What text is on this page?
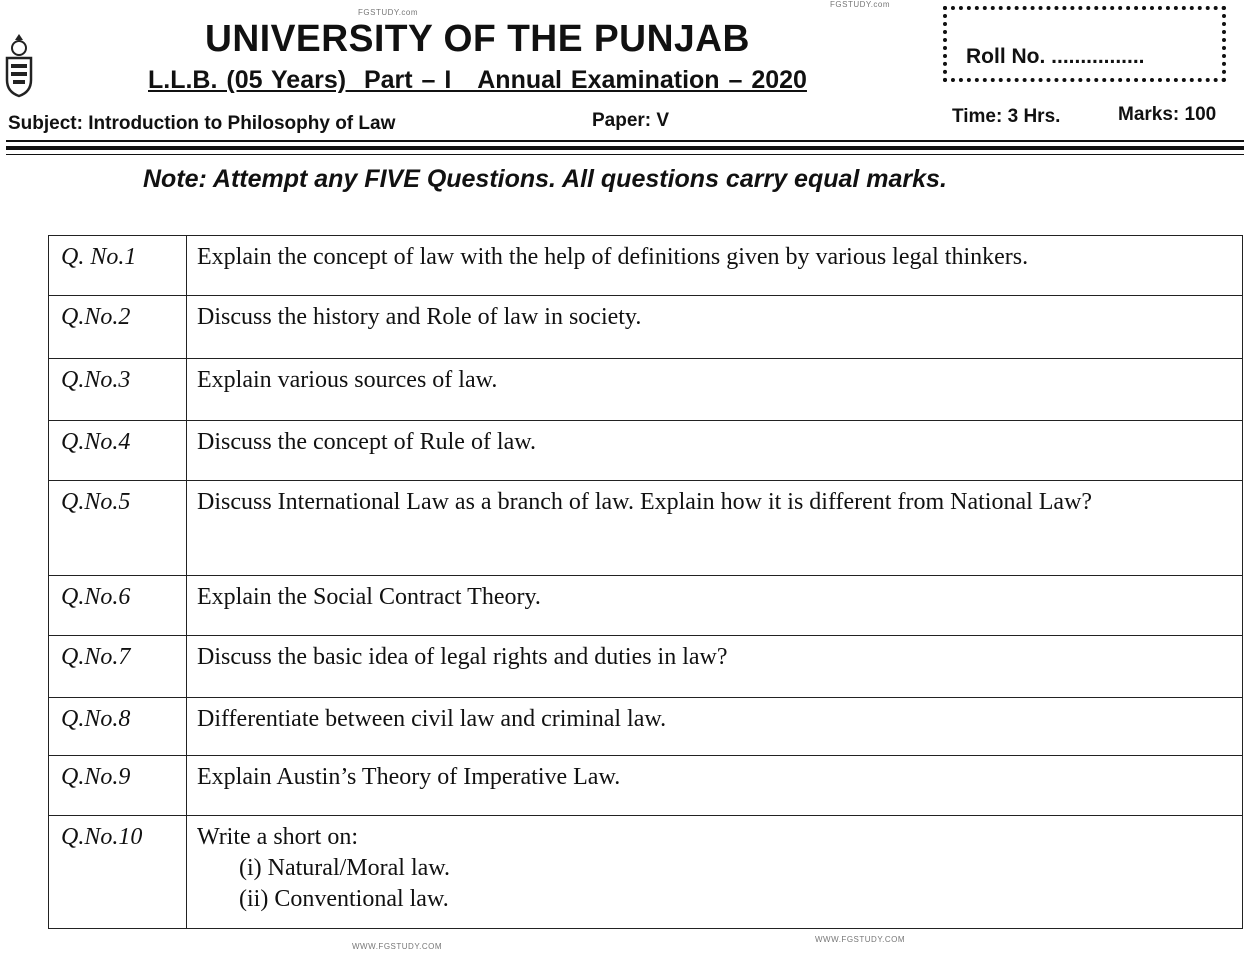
FGSTUDY.com
FGSTUDY.com
WWW.FGSTUDY.COM
WWW.FGSTUDY.COM
UNIVERSITY OF THE PUNJAB
L.L.B. (05 Years)  Part – I   Annual Examination – 2020
Roll No. ................
Subject: Introduction to Philosophy of Law	Paper: V	Time: 3 Hrs.	Marks: 100
Note: Attempt any FIVE Questions. All questions carry equal marks.
Q. No.1	Explain the concept of law with the help of definitions given by various legal thinkers.
Q.No.2	Discuss the history and Role of law in society.
Q.No.3	Explain various sources of law.
Q.No.4	Discuss the concept of Rule of law.
Q.No.5	Discuss International Law as a branch of law. Explain how it is different from National Law?
Q.No.6	Explain the Social Contract Theory.
Q.No.7	Discuss the basic idea of legal rights and duties in law?
Q.No.8	Differentiate between civil law and criminal law.
Q.No.9	Explain Austin’s Theory of Imperative Law.
Q.No.10	Write a short on:
(i) Natural/Moral law.
(ii) Conventional law.
